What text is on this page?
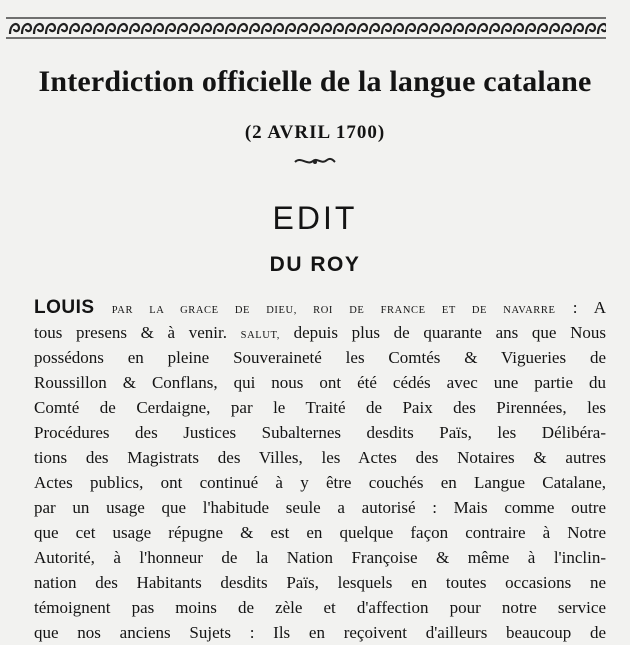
Interdiction officielle de la langue catalane
(2 AVRIL 1700)
EDIT
DU ROY
LOUIS PAR LA GRACE DE DIEU, ROI DE FRANCE ET DE NAVARRE : A
tous presens & à venir. SALUT, depuis plus de quarante ans que Nous
possédons en pleine Souveraineté les Comtés & Vigueries de
Roussillon & Conflans, qui nous ont été cédés avec une partie du
Comté de Cerdaigne, par le Traité de Paix des Pirennées, les
Procédures des Justices Subalternes desdits Païs, les Délibéra-
tions des Magistrats des Villes, les Actes des Notaires & autres
Actes publics, ont continué à y être couchés en Langue Catalane,
par un usage que l'habitude seule a autorisé : Mais comme outre
que cet usage répugne & est en quelque façon contraire à Notre
Autorité, à l'honneur de la Nation Françoise & même à l'inclin-
nation des Habitants desdits Païs, lesquels en toutes occasions ne
témoignent pas moins de zèle et d'affection pour notre service
que nos anciens Sujets : Ils en reçoivent d'ailleurs beaucoup de
